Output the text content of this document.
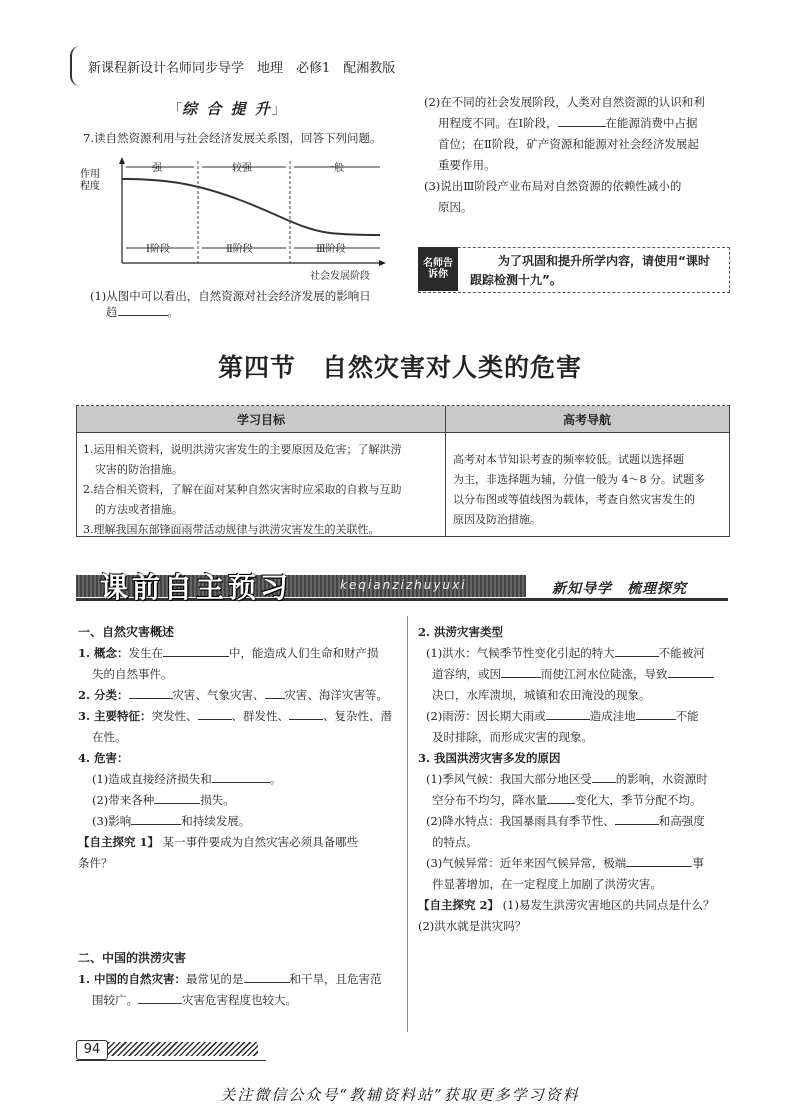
新课程新设计名师同步导学　地理　必修1　配湘教版
「综 合 提 升」
7.读自然资源利用与社会经济发展关系图，回答下列问题。
作用程度
强	较强	一般
Ⅰ阶段	Ⅱ阶段	Ⅲ阶段
社会发展阶段
(1)从图中可以看出，自然资源对社会经济发展的影响日
趋	。
(2)在不同的社会发展阶段，人类对自然资源的认识和利
用程度不同。在Ⅰ阶段，	在能源消费中占据
首位；在Ⅱ阶段，矿产资源和能源对社会经济发展起
重要作用。
(3)说出Ⅲ阶段产业布局对自然资源的依赖性减小的
原因。
名师告诉你
为了巩固和提升所学内容，请使用“课时
跟踪检测十九”。
第四节　自然灾害对人类的危害
学习目标	高考导航
1.运用相关资料，说明洪涝灾害发生的主要原因及危害；了解洪涝
灾害的防治措施。
2.结合相关资料，了解在面对某种自然灾害时应采取的自救与互助
的方法或者措施。
3.理解我国东部锋面雨带活动规律与洪涝灾害发生的关联性。
高考对本节知识考查的频率较低。试题以选择题
为主，非选择题为辅，分值一般为 4～8 分。试题多
以分布图或等值线图为载体，考查自然灾害发生的
原因及防治措施。
课前自主预习	keqianzizhuyuxi	新知导学　梳理探究
一、自然灾害概述
1. 概念：发生在	中，能造成人们生命和财产损
失的自然事件。
2. 分类：	灾害、气象灾害、 灾害、海洋灾害等。
3. 主要特征：突发性、	、群发性、	、复杂性、潜
在性。
4. 危害：
(1)造成直接经济损失和	。
(2)带来各种	损失。
(3)影响	和持续发展。
【自主探究 1】 某一事件要成为自然灾害必须具备哪些
条件？
二、中国的洪涝灾害
1. 中国的自然灾害：最常见的是	和干旱，且危害范
围较广。	灾害危害程度也较大。
2. 洪涝灾害类型
(1)洪水：气候季节性变化引起的特大	不能被河
道容纳，或因	而使江河水位陡涨，导致
决口，水库溃坝，城镇和农田淹没的现象。
(2)雨涝：因长期大雨或	造成洼地	不能
及时排除，而形成灾害的现象。
3. 我国洪涝灾害多发的原因
(1)季风气候：我国大部分地区受 的影响，水资源时
空分布不均匀，降水量 变化大，季节分配不均。
(2)降水特点：我国暴雨具有季节性、	和高强度
的特点。
(3)气候异常：近年来因气候异常，极端	事
件显著增加，在一定程度上加剧了洪涝灾害。
【自主探究 2】 (1)易发生洪涝灾害地区的共同点是什么？
(2)洪水就是洪灾吗？
94
关注微信公众号“教辅资料站”获取更多学习资料
